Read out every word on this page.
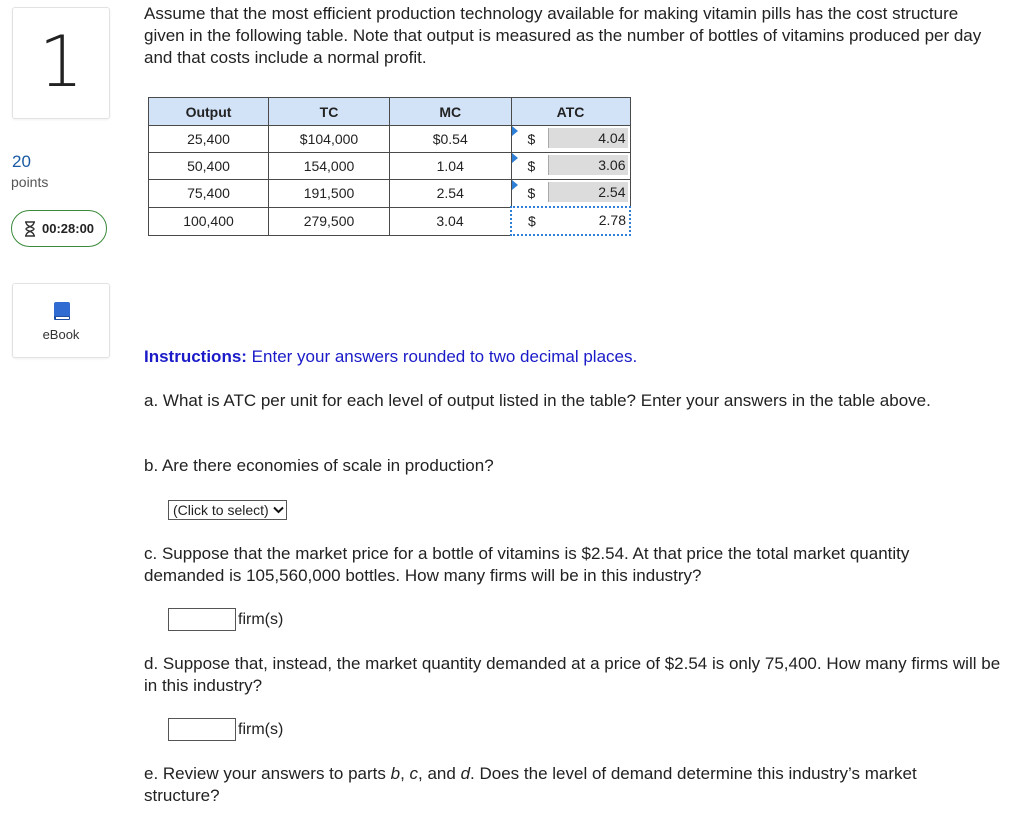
1
20
points
00:28:00
eBook
Assume that the most efficient production technology available for making vitamin pills has the cost structure given in the following table. Note that output is measured as the number of bottles of vitamins produced per day and that costs include a normal profit.
Output	TC	MC	ATC
25,400	$104,000	$0.54	$ 4.04

50,400	154,000	1.04	$ 3.06

75,400	191,500	2.54	$ 2.54

100,400	279,500	3.04	$ 2.78
Instructions: Enter your answers rounded to two decimal places.
a. What is ATC per unit for each level of output listed in the table? Enter your answers in the table above.
b. Are there economies of scale in production?
(Click to select)
c. Suppose that the market price for a bottle of vitamins is $2.54. At that price the total market quantity demanded is 105,560,000 bottles. How many firms will be in this industry?
firm(s)
d. Suppose that, instead, the market quantity demanded at a price of $2.54 is only 75,400. How many firms will be in this industry?
firm(s)
e. Review your answers to parts b, c, and d. Does the level of demand determine this industry’s market structure?
